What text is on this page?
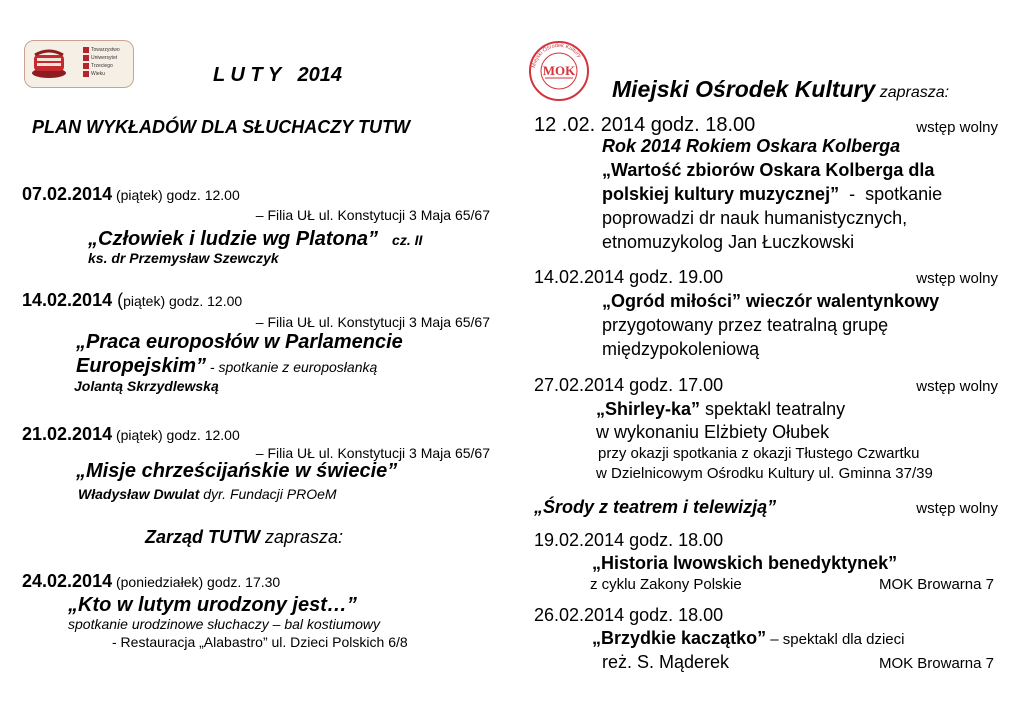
Towarzystwo
Uniwersytet
Trzeciego
Wieku	L U T Y   2014
PLAN WYKŁADÓW DLA SŁUCHACZY TUTW
07.02.2014 (piątek) godz. 12.00
– Filia UŁ ul. Konstytucji 3 Maja 65/67
„Człowiek i ludzie wg Platona” cz. II
ks. dr Przemysław Szewczyk
14.02.2014 (piątek) godz. 12.00
– Filia UŁ ul. Konstytucji 3 Maja 65/67
„Praca europosłów w Parlamencie
Europejskim” - spotkanie z europosłanką
Jolantą Skrzydlewską
21.02.2014 (piątek) godz. 12.00
– Filia UŁ ul. Konstytucji 3 Maja 65/67
„Misje chrześcijańskie w świecie”
Władysław Dwulat dyr. Fundacji PROeM
Zarząd TUTW zaprasza:
24.02.2014 (poniedziałek) godz. 17.30
„Kto w lutym urodzony jest…”
spotkanie urodzinowe słuchaczy – bal kostiumowy
- Restauracja „Alabastro” ul. Dzieci Polskich 6/8
Miejski Ośrodek Kultury
MOK
Miejski Ośrodek Kultury zaprasza:
12 .02. 2014 godz. 18.00	wstęp wolny
Rok 2014 Rokiem Oskara Kolberga
„Wartość zbiorów Oskara Kolberga dla
polskiej kultury muzycznej”  -  spotkanie
poprowadzi dr nauk humanistycznych,
etnomuzykolog Jan Łuczkowski
14.02.2014 godz. 19.00	wstęp wolny
„Ogród miłości” wieczór walentynkowy
przygotowany przez teatralną grupę
międzypokoleniową
27.02.2014 godz. 17.00	wstęp wolny
„Shirley-ka” spektakl teatralny
w wykonaniu Elżbiety Ołubek
przy okazji spotkania z okazji Tłustego Czwartku
w Dzielnicowym Ośrodku Kultury ul. Gminna 37/39
„Środy z teatrem i telewizją”	wstęp wolny
19.02.2014 godz. 18.00
„Historia lwowskich benedyktynek”
z cyklu Zakony Polskie	MOK Browarna 7
26.02.2014 godz. 18.00
„Brzydkie kaczątko” – spektakl dla dzieci
reż. S. Mąderek	MOK Browarna 7
